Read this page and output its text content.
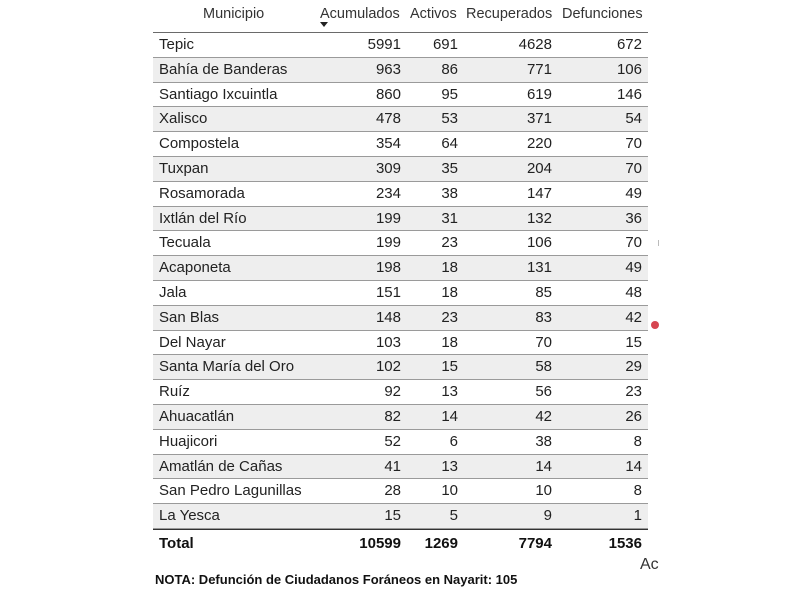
Municipio	Acumulados Activos Recuperados Defunciones
Tepic	5991 691	4628	672
Bahía de Banderas	963	86	771	106
Santiago Ixcuintla	860	95	619	146
Xalisco	478	53	371	54
Compostela	354	64	220	70
Tuxpan	309	35	204	70
Rosamorada	234	38	147	49
Ixtlán del Río	199	31	132	36
Tecuala	199	23	106	70
Acaponeta	198	18	131	49
Jala	151	18	85	48
San Blas	148	23	83	42
Del Nayar	103	18	70	15
Santa María del Oro	102	15	58	29
Ruíz	92	13	56	23
Ahuacatlán	82	14	42	26
Huajicori	52	6	38	8
Amatlán de Cañas	41	13	14	14
San Pedro Lagunillas	28	10	10	8
La Yesca	15	5	9	1
Total	10599 1269	7794	1536
Ac
NOTA: Defunción de Ciudadanos Foráneos en Nayarit: 105
